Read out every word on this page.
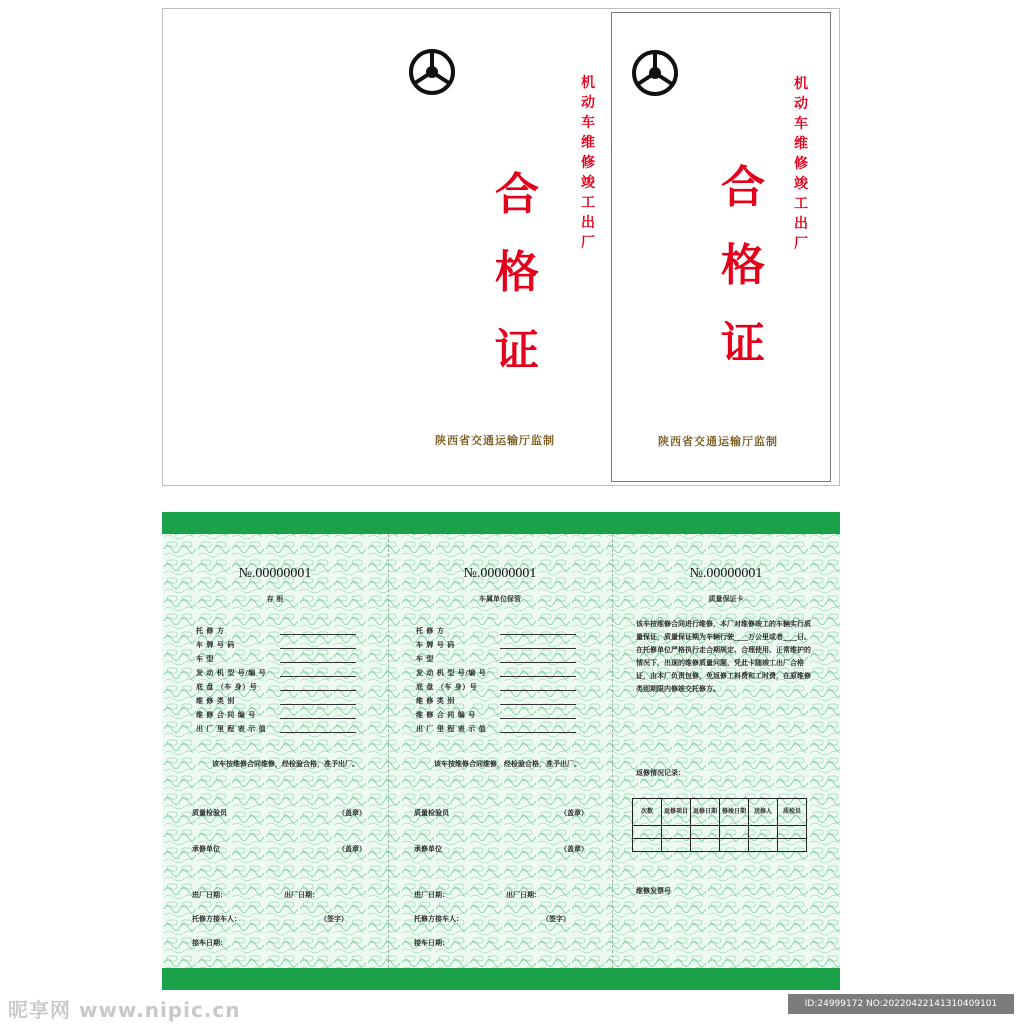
机
动
车
维
修
竣
工
出
厂
合
格
证
陕西省交通运输厅监制
机
动
车
维
修
竣
工
出
厂
合
格
证
陕西省交通运输厅监制
№.00000001
存 根
托 修 方
车 牌 号 码
车 型
发 动 机 型 号/编 号
底 盘 （车 身）号
维 修 类 别
维 修 合 同 编 号
出 厂 里 程 表 示 值
该车按维修合同维修，经检验合格，准予出厂。
质量检验员	（盖章）
承修单位	（盖章）
进厂日期：	出厂日期：
托修方接车人：	（签字）
接车日期：
№.00000001
车属单位保管
托 修 方
车 牌 号 码
车 型
发 动 机 型 号/编 号
底 盘 （车 身）号
维 修 类 别
维 修 合 同 编 号
出 厂 里 程 表 示 值
该车按维修合同维修，经检验合格，准予出厂。
质量检验员	（盖章）
承修单位	（盖章）
进厂日期：	出厂日期：
托修方接车人：	（签字）
接车日期：
№.00000001
质量保证卡
该车按维修合同进行维修，本厂对维修竣工的车辆实行质量保证，质量保证期为车辆行驶____万公里或者____日。在托修单位严格执行走合期规定、合理使用、正常维护的情况下，出现的维修质量问题，凭此卡随竣工出厂合格证，由本厂负责包修，免返修工料费和工时费，在原维修类别期限内修竣交托修方。
返修情况记录：
次数	返修项目	返修日期	修竣日期	送修人	质检员

维修发票号
昵享网 www.nipic.cn	ID:24999172 NO:20220422141310409101
